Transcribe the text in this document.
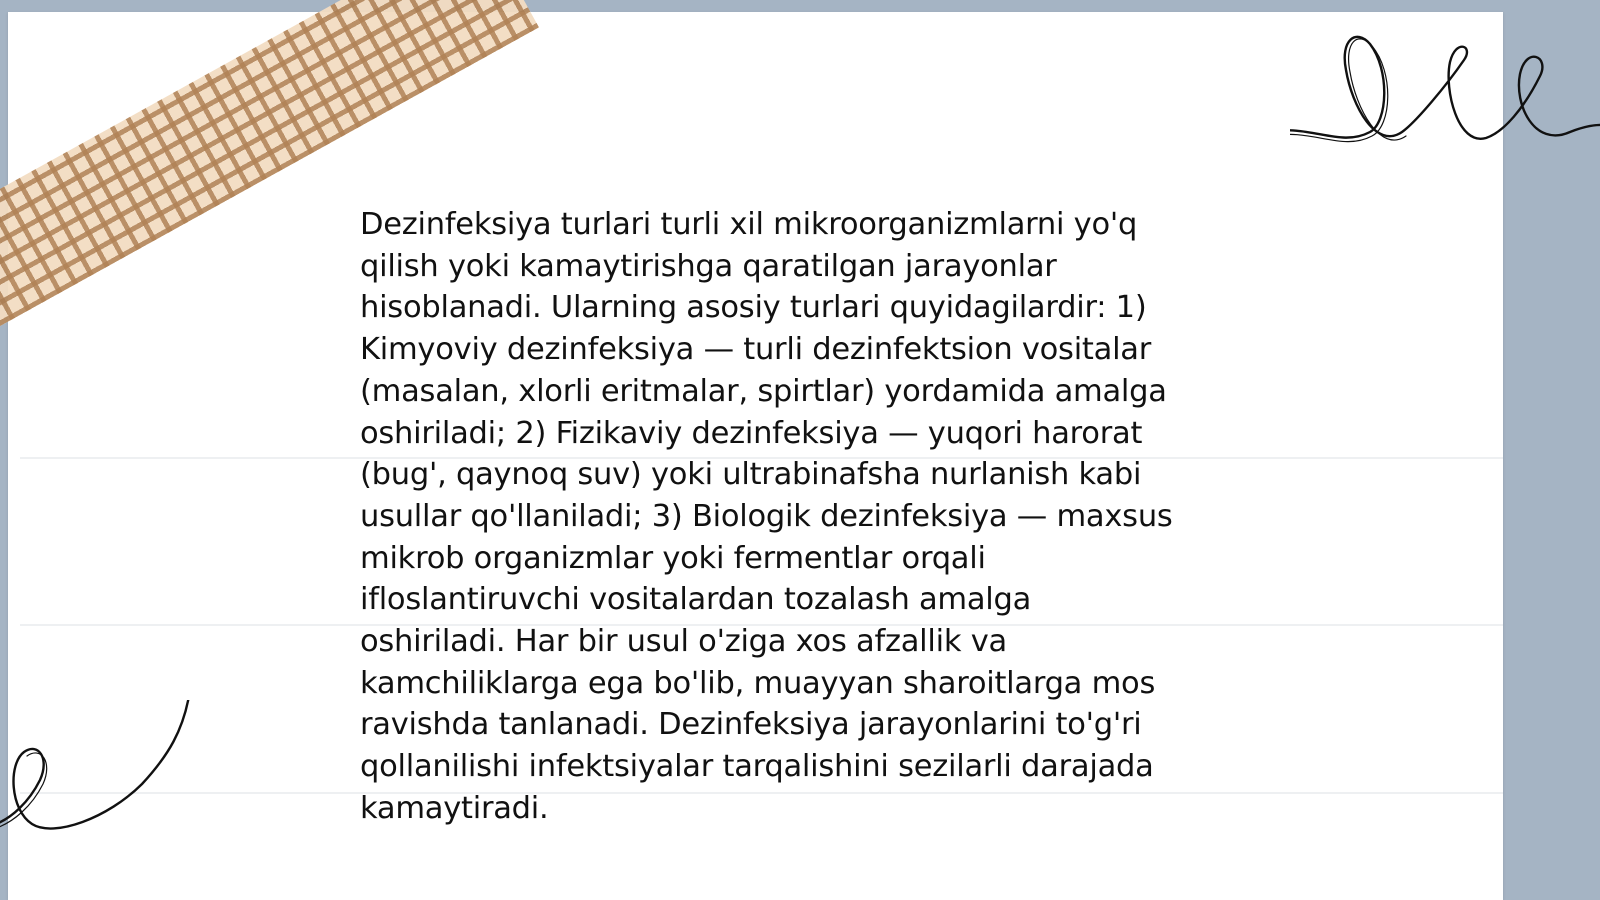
Dezinfeksiya turlari turli xil mikroorganizmlarni yo'q
qilish yoki kamaytirishga qaratilgan jarayonlar
hisoblanadi. Ularning asosiy turlari quyidagilardir: 1)
Kimyoviy dezinfeksiya — turli dezinfektsion vositalar
(masalan, xlorli eritmalar, spirtlar) yordamida amalga
oshiriladi; 2) Fizikaviy dezinfeksiya — yuqori harorat
(bug', qaynoq suv) yoki ultrabinafsha nurlanish kabi
usullar qo'llaniladi; 3) Biologik dezinfeksiya — maxsus
mikrob organizmlar yoki fermentlar orqali
ifloslantiruvchi vositalardan tozalash amalga
oshiriladi. Har bir usul o'ziga xos afzallik va
kamchiliklarga ega bo'lib, muayyan sharoitlarga mos
ravishda tanlanadi. Dezinfeksiya jarayonlarini to'g'ri
qollanilishi infektsiyalar tarqalishini sezilarli darajada
kamaytiradi.
